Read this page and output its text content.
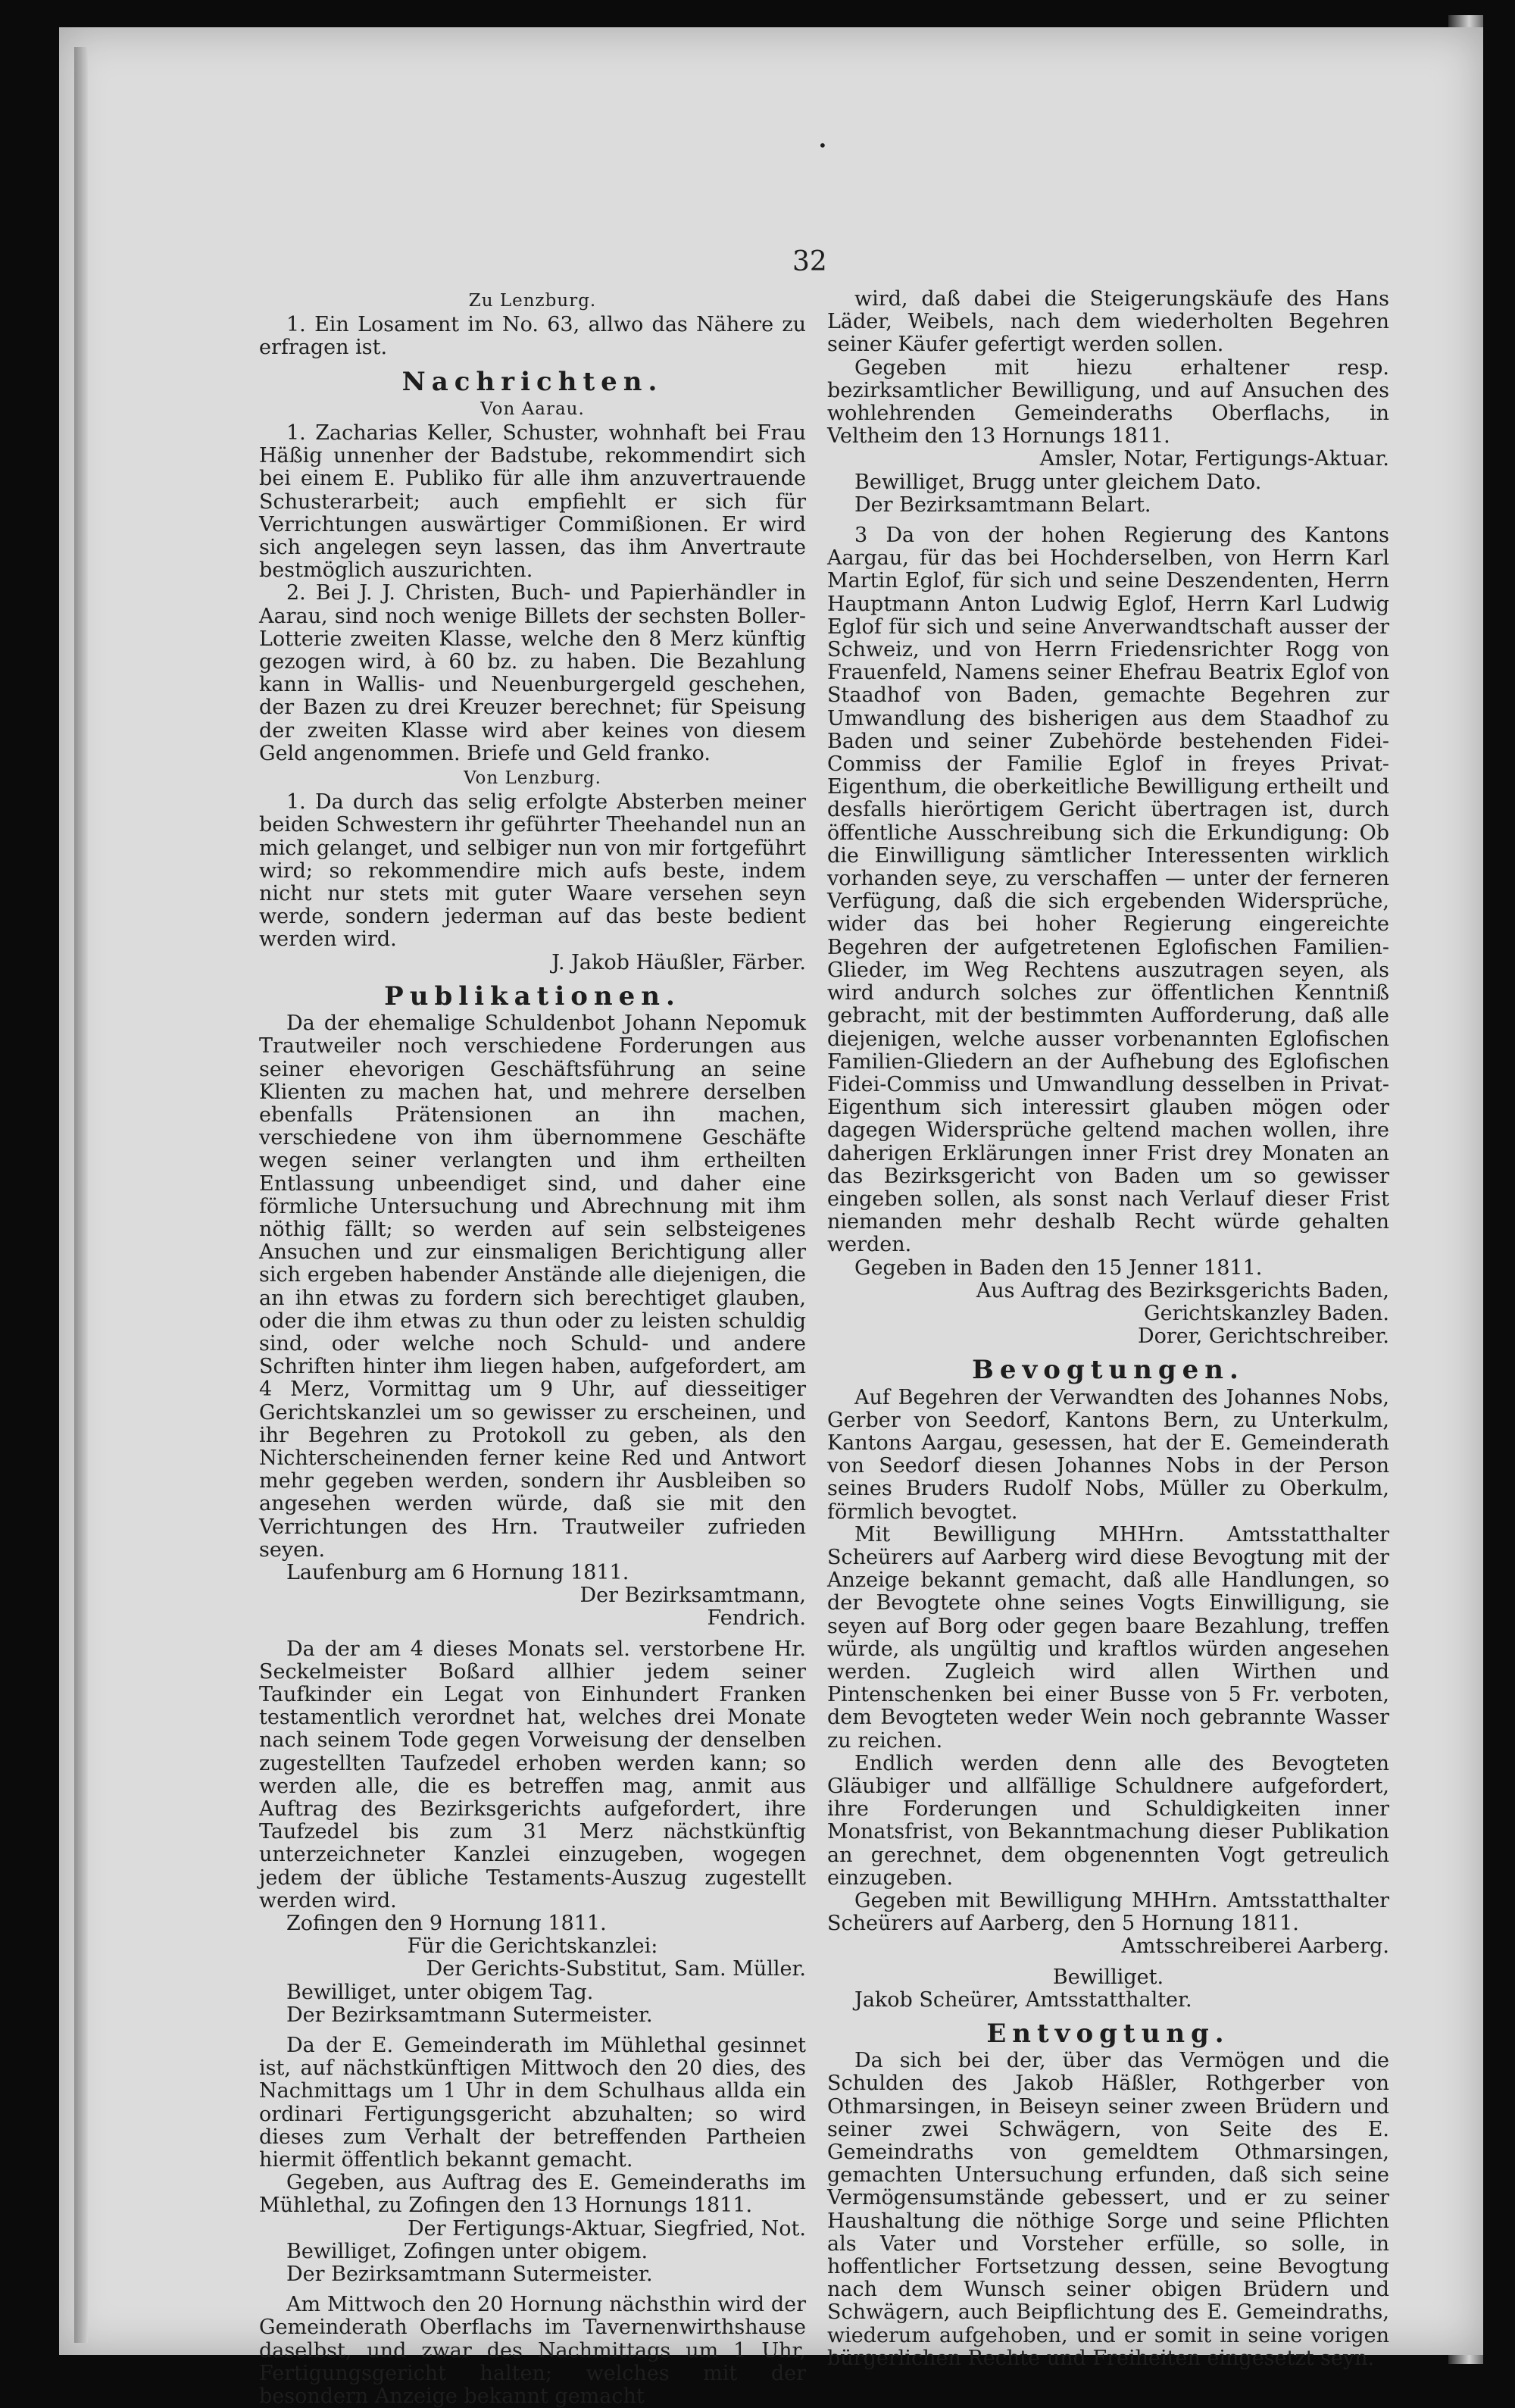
•
32
Zu Lenzburg.
1. Ein Losament im No. 63, allwo das Nähere zu erfragen ist.
Nachrichten.
Von Aarau.
1. Zacharias Keller, Schuster, wohnhaft bei Frau Häßig unnenher der Badstube, rekommendirt sich bei einem E. Publiko für alle ihm anzuvertrauende Schusterarbeit; auch empfiehlt er sich für Verrichtungen auswärtiger Commißionen. Er wird sich angelegen seyn lassen, das ihm Anvertraute bestmöglich auszurichten.
2. Bei J. J. Christen, Buch- und Papierhändler in Aarau, sind noch wenige Billets der sechsten Boller-Lotterie zweiten Klasse, welche den 8 Merz künftig gezogen wird, à 60 bz. zu haben. Die Bezahlung kann in Wallis- und Neuenburgergeld geschehen, der Bazen zu drei Kreuzer berechnet; für Speisung der zweiten Klasse wird aber keines von diesem Geld angenommen. Briefe und Geld franko.
Von Lenzburg.
1. Da durch das selig erfolgte Absterben meiner beiden Schwestern ihr geführter Theehandel nun an mich gelanget, und selbiger nun von mir fortgeführt wird; so rekommendire mich aufs beste, indem nicht nur stets mit guter Waare versehen seyn werde, sondern jederman auf das beste bedient werden wird.
J. Jakob Häußler, Färber.
Publikationen.
Da der ehemalige Schuldenbot Johann Nepomuk Trautweiler noch verschiedene Forderungen aus seiner ehevorigen Geschäftsführung an seine Klienten zu machen hat, und mehrere derselben ebenfalls Prätensionen an ihn machen, verschiedene von ihm übernommene Geschäfte wegen seiner verlangten und ihm ertheilten Entlassung unbeendiget sind, und daher eine förmliche Untersuchung und Abrechnung mit ihm nöthig fällt; so werden auf sein selbsteigenes Ansuchen und zur einsmaligen Berichtigung aller sich ergeben habender Anstände alle diejenigen, die an ihn etwas zu fordern sich berechtiget glauben, oder die ihm etwas zu thun oder zu leisten schuldig sind, oder welche noch Schuld- und andere Schriften hinter ihm liegen haben, aufgefordert, am 4 Merz, Vormittag um 9 Uhr, auf diesseitiger Gerichtskanzlei um so gewisser zu erscheinen, und ihr Begehren zu Protokoll zu geben, als den Nichterscheinenden ferner keine Red und Antwort mehr gegeben werden, sondern ihr Ausbleiben so angesehen werden würde, daß sie mit den Verrichtungen des Hrn. Trautweiler zufrieden seyen.
Laufenburg am 6 Hornung 1811.
Der Bezirksamtmann,
Fendrich.
Da der am 4 dieses Monats sel. verstorbene Hr. Seckelmeister Boßard allhier jedem seiner Taufkinder ein Legat von Einhundert Franken testamentlich verordnet hat, welches drei Monate nach seinem Tode gegen Vorweisung der denselben zugestellten Taufzedel erhoben werden kann; so werden alle, die es betreffen mag, anmit aus Auftrag des Bezirksgerichts aufgefordert, ihre Taufzedel bis zum 31 Merz nächstkünftig unterzeichneter Kanzlei einzugeben, wogegen jedem der übliche Testaments-Auszug zugestellt werden wird.
Zofingen den 9 Hornung 1811.
Für die Gerichtskanzlei:
Der Gerichts-Substitut, Sam. Müller.
Bewilliget, unter obigem Tag.
Der Bezirksamtmann Sutermeister.
Da der E. Gemeinderath im Mühlethal gesinnet ist, auf nächstkünftigen Mittwoch den 20 dies, des Nachmittags um 1 Uhr in dem Schulhaus allda ein ordinari Fertigungsgericht abzuhalten; so wird dieses zum Verhalt der betreffenden Partheien hiermit öffentlich bekannt gemacht.
Gegeben, aus Auftrag des E. Gemeinderaths im Mühlethal, zu Zofingen den 13 Hornungs 1811.
Der Fertigungs-Aktuar, Siegfried, Not.
Bewilliget, Zofingen unter obigem.
Der Bezirksamtmann Sutermeister.
Am Mittwoch den 20 Hornung nächsthin wird der Gemeinderath Oberflachs im Tavernenwirthshause daselbst, und zwar des Nachmittags um 1 Uhr, Fertigungsgericht halten; welches mit der besondern Anzeige bekannt gemacht
wird, daß dabei die Steigerungskäufe des Hans Läder, Weibels, nach dem wiederholten Begehren seiner Käufer gefertigt werden sollen.
Gegeben mit hiezu erhaltener resp. bezirksamtlicher Bewilligung, und auf Ansuchen des wohlehrenden Gemeinderaths Oberflachs, in Veltheim den 13 Hornungs 1811.
Amsler, Notar, Fertigungs-Aktuar.
Bewilliget, Brugg unter gleichem Dato.
Der Bezirksamtmann Belart.
3 Da von der hohen Regierung des Kantons Aargau, für das bei Hochderselben, von Herrn Karl Martin Eglof, für sich und seine Deszendenten, Herrn Hauptmann Anton Ludwig Eglof, Herrn Karl Ludwig Eglof für sich und seine Anverwandtschaft ausser der Schweiz, und von Herrn Friedensrichter Rogg von Frauenfeld, Namens seiner Ehefrau Beatrix Eglof von Staadhof von Baden, gemachte Begehren zur Umwandlung des bisherigen aus dem Staadhof zu Baden und seiner Zubehörde bestehenden Fidei-Commiss der Familie Eglof in freyes Privat-Eigenthum, die oberkeitliche Bewilligung ertheilt und desfalls hierörtigem Gericht übertragen ist, durch öffentliche Ausschreibung sich die Erkundigung: Ob die Einwilligung sämtlicher Interessenten wirklich vorhanden seye, zu verschaffen — unter der ferneren Verfügung, daß die sich ergebenden Widersprüche, wider das bei hoher Regierung eingereichte Begehren der aufgetretenen Eglofischen Familien-Glieder, im Weg Rechtens auszutragen seyen, als wird andurch solches zur öffentlichen Kenntniß gebracht, mit der bestimmten Aufforderung, daß alle diejenigen, welche ausser vorbenannten Eglofischen Familien-Gliedern an der Aufhebung des Eglofischen Fidei-Commiss und Umwandlung desselben in Privat-Eigenthum sich interessirt glauben mögen oder dagegen Widersprüche geltend machen wollen, ihre daherigen Erklärungen inner Frist drey Monaten an das Bezirksgericht von Baden um so gewisser eingeben sollen, als sonst nach Verlauf dieser Frist niemanden mehr deshalb Recht würde gehalten werden.
Gegeben in Baden den 15 Jenner 1811.
Aus Auftrag des Bezirksgerichts Baden,
Gerichtskanzley Baden.
Dorer, Gerichtschreiber.
Bevogtungen.
Auf Begehren der Verwandten des Johannes Nobs, Gerber von Seedorf, Kantons Bern, zu Unterkulm, Kantons Aargau, gesessen, hat der E. Gemeinderath von Seedorf diesen Johannes Nobs in der Person seines Bruders Rudolf Nobs, Müller zu Oberkulm, förmlich bevogtet.
Mit Bewilligung MHHrn. Amtsstatthalter Scheürers auf Aarberg wird diese Bevogtung mit der Anzeige bekannt gemacht, daß alle Handlungen, so der Bevogtete ohne seines Vogts Einwilligung, sie seyen auf Borg oder gegen baare Bezahlung, treffen würde, als ungültig und kraftlos würden angesehen werden. Zugleich wird allen Wirthen und Pintenschenken bei einer Busse von 5 Fr. verboten, dem Bevogteten weder Wein noch gebrannte Wasser zu reichen.
Endlich werden denn alle des Bevogteten Gläubiger und allfällige Schuldnere aufgefordert, ihre Forderungen und Schuldigkeiten inner Monatsfrist, von Bekanntmachung dieser Publikation an gerechnet, dem obgenennten Vogt getreulich einzugeben.
Gegeben mit Bewilligung MHHrn. Amtsstatthalter Scheürers auf Aarberg, den 5 Hornung 1811.
Amtsschreiberei Aarberg.
Bewilliget.
Jakob Scheürer, Amtsstatthalter.
Entvogtung.
Da sich bei der, über das Vermögen und die Schulden des Jakob Häßler, Rothgerber von Othmarsingen, in Beiseyn seiner zween Brüdern und seiner zwei Schwägern, von Seite des E. Gemeindraths von gemeldtem Othmarsingen, gemachten Untersuchung erfunden, daß sich seine Vermögensumstände gebessert, und er zu seiner Haushaltung die nöthige Sorge und seine Pflichten als Vater und Vorsteher erfülle, so solle, in hoffentlicher Fortsetzung dessen, seine Bevogtung nach dem Wunsch seiner obigen Brüdern und Schwägern, auch Beipflichtung des E. Gemeindraths, wiederum aufgehoben, und er somit in seine vorigen bürgerlichen Rechte und Freiheiten eingesetzt seyn.
